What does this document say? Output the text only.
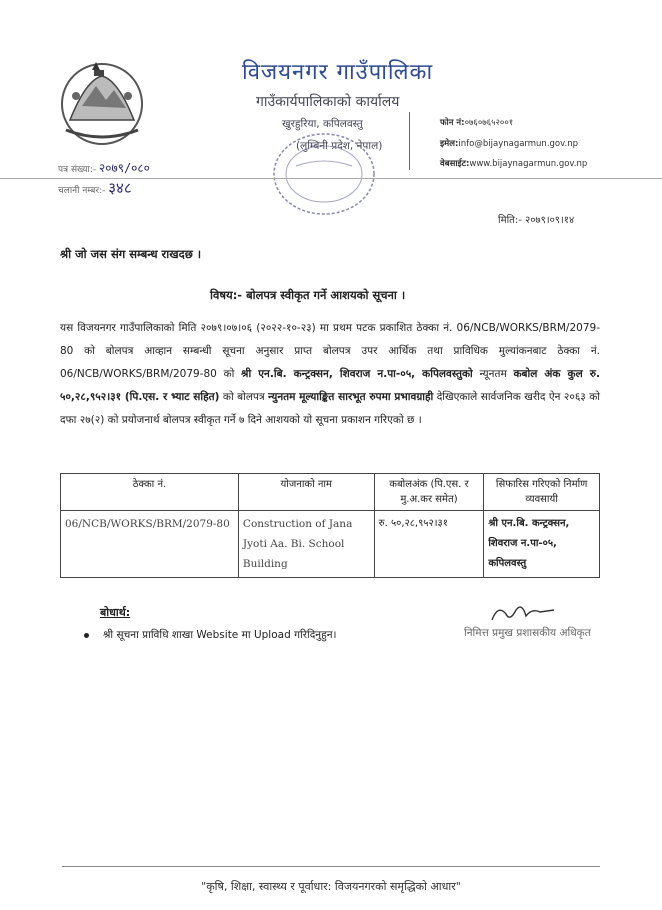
विजयनगर गाउँपालिका
गाउँकार्यपालिकाको कार्यालय
खुरहुरिया, कपिलवस्तु
(लुम्बिनी प्रदेश, नेपाल)
फोन नं:०७६०७६५२००१
इमेल:info@bijaynagarmun.gov.np
वेबसाईट:www.bijaynagarmun.gov.np
पत्र संख्या:- २०७९/०८०
चलानी नम्बर:- ३४८
मिति:- २०७९।०९।१४
श्री जो जस संग सम्बन्ध राखदछ ।
विषय:- बोलपत्र स्वीकृत गर्ने आशयको सूचना ।
यस विजयनगर गाउँपालिकाको मिति २०७९।०७।०६ (२०२२-१०-२३) मा प्रथम पटक प्रकाशित ठेक्का नं. 06/NCB/WORKS/BRM/2079-80 को बोलपत्र आव्हान सम्बन्धी सूचना अनुसार प्राप्त बोलपत्र उपर आर्थिक तथा प्राविधिक मुल्यांकनबाट ठेक्का नं. 06/NCB/WORKS/BRM/2079-80 को श्री एन.बि. कन्ट्रक्सन, शिवराज न.पा-०५, कपिलवस्तुको न्यूनतम कबोल अंक कुल रु. ५०,२८,९५२।३१ (पि.एस. र भ्याट सहित) को बोलपत्र न्युनतम मूल्याङ्कित सारभूत रुपमा प्रभावग्राही देखिएकाले सार्वजनिक खरीद ऐन २०६३ को दफा २७(२) को प्रयोजनार्थ बोलपत्र स्वीकृत गर्ने ७ दिने आशयको यो सूचना प्रकाशन गरिएको छ ।
ठेक्का नं.	योजनाको नाम	कबोलअंक (पि.एस. र मु.अ.कर समेत)	सिफारिस गरिएको निर्माण व्यवसायी
06/NCB/WORKS/BRM/2079-80	Construction of Jana Jyoti Aa. Bi. School Building	रु. ५०,२८,९५२।३१	श्री एन.बि. कन्ट्रक्सन, शिवराज न.पा-०५, कपिलवस्तु
बोधार्थ:
श्री सूचना प्राविधि शाखा Website मा Upload गरिदिनुहुन।	निमित्त प्रमुख प्रशासकीय अधिकृत
"कृषि, शिक्षा, स्वास्थ्य र पूर्वाधार: विजयनगरको समृद्धिको आधार"
